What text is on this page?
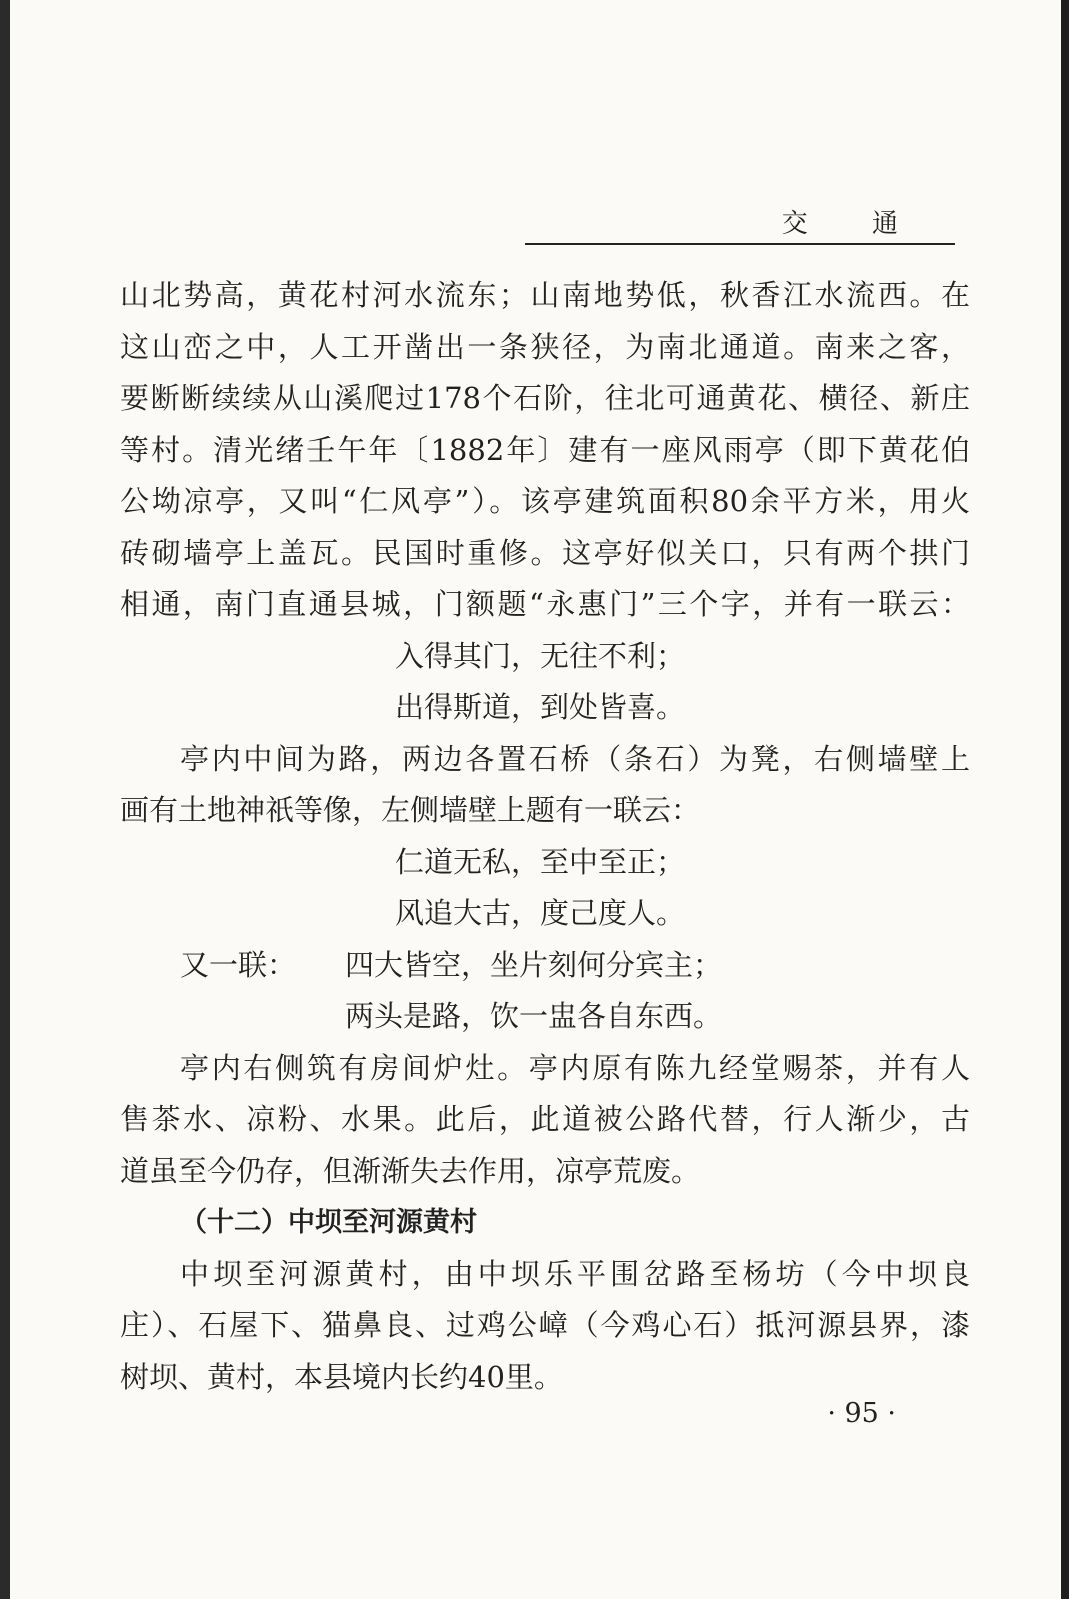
交 通
山北势高，黄花村河水流东；山南地势低，秋香江水流西。在
这山峦之中，人工开凿出一条狭径，为南北通道。南来之客，
要断断续续从山溪爬过178个石阶，往北可通黄花、横径、新庄
等村。清光绪壬午年〔1882年〕建有一座风雨亭（即下黄花伯
公坳凉亭，又叫“仁风亭”）。该亭建筑面积80余平方米，用火
砖砌墙亭上盖瓦。民国时重修。这亭好似关口，只有两个拱门
相通，南门直通县城，门额题“永惠门”三个字，并有一联云：
入得其门，无往不利；
出得斯道，到处皆喜。
亭内中间为路，两边各置石桥（条石）为凳，右侧墙壁上
画有土地神祇等像，左侧墙壁上题有一联云：
仁道无私，至中至正；
风追大古，度己度人。
又一联：	四大皆空，坐片刻何分宾主；
两头是路，饮一盅各自东西。
亭内右侧筑有房间炉灶。亭内原有陈九经堂赐茶，并有人
售茶水、凉粉、水果。此后，此道被公路代替，行人渐少，古
道虽至今仍存，但渐渐失去作用，凉亭荒废。
（十二）中坝至河源黄村
中坝至河源黄村，由中坝乐平围岔路至杨坊（今中坝良
庄）、石屋下、猫鼻良、过鸡公嶂（今鸡心石）抵河源县界，漆
树坝、黄村，本县境内长约40里。
· 95 ·
